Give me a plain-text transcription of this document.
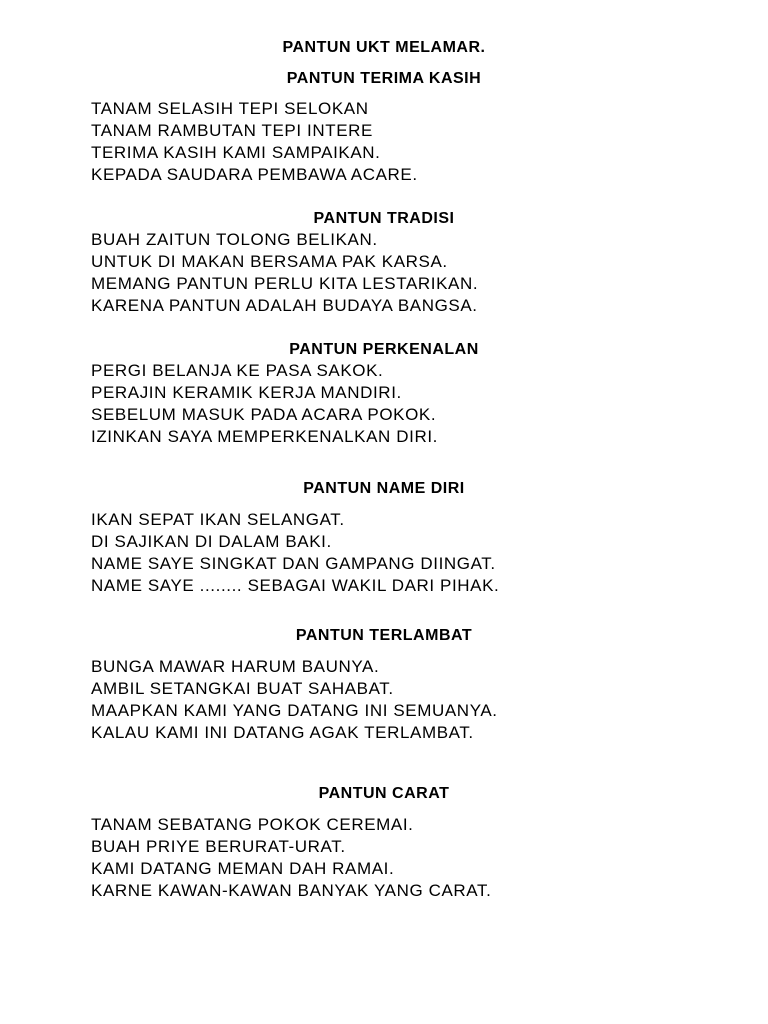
PANTUN UKT MELAMAR.
PANTUN TERIMA KASIH
TANAM SELASIH TEPI SELOKAN
TANAM RAMBUTAN TEPI INTERE
TERIMA KASIH KAMI SAMPAIKAN.
KEPADA SAUDARA PEMBAWA ACARE.
PANTUN TRADISI
BUAH ZAITUN TOLONG BELIKAN.
UNTUK DI MAKAN BERSAMA PAK KARSA.
MEMANG PANTUN PERLU KITA LESTARIKAN.
KARENA PANTUN ADALAH BUDAYA BANGSA.
PANTUN PERKENALAN
PERGI BELANJA KE PASA SAKOK.
PERAJIN KERAMIK KERJA MANDIRI.
SEBELUM MASUK PADA ACARA POKOK.
IZINKAN SAYA MEMPERKENALKAN DIRI.
PANTUN NAME DIRI
IKAN SEPAT IKAN SELANGAT.
DI SAJIKAN DI DALAM BAKI.
NAME SAYE SINGKAT DAN GAMPANG DIINGAT.
NAME SAYE ........ SEBAGAI WAKIL DARI PIHAK.
PANTUN TERLAMBAT
BUNGA MAWAR HARUM BAUNYA.
AMBIL SETANGKAI BUAT SAHABAT.
MAAPKAN KAMI YANG DATANG INI SEMUANYA.
KALAU KAMI INI DATANG AGAK TERLAMBAT.
PANTUN CARAT
TANAM SEBATANG POKOK CEREMAI.
BUAH PRIYE BERURAT-URAT.
KAMI DATANG MEMAN DAH RAMAI.
KARNE KAWAN-KAWAN BANYAK YANG CARAT.
